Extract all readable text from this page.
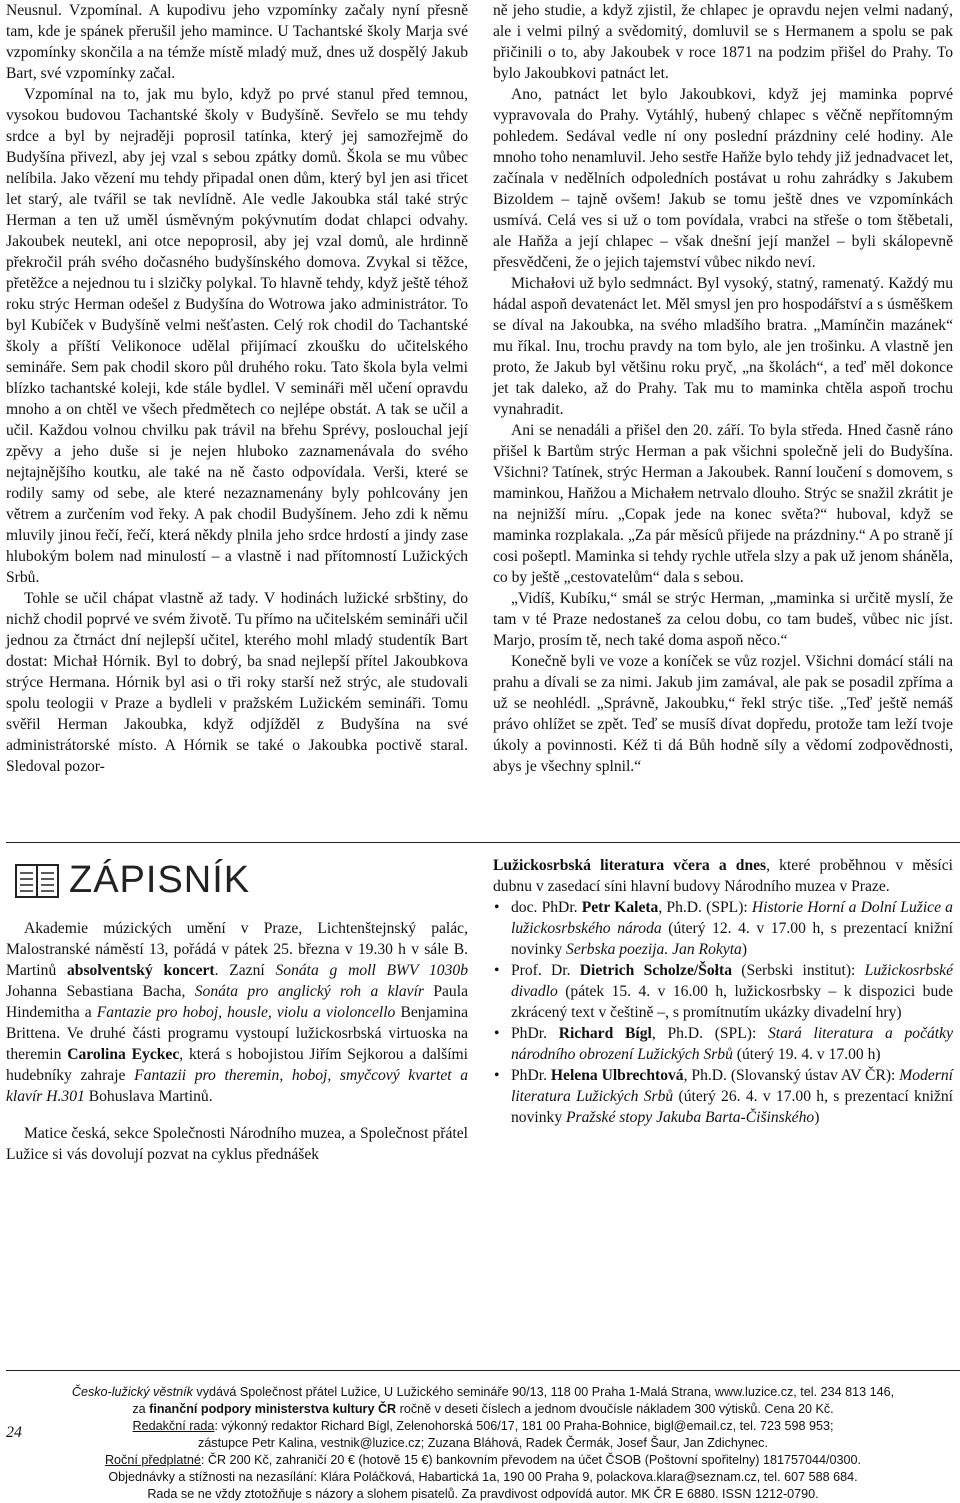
Neusnul. Vzpomínal. A kupodivu jeho vzpomínky začaly nyní přesně tam, kde je spánek přerušil jeho mamince. U Tachantské školy Marja své vzpomínky skončila a na témže místě mladý muž, dnes už dospělý Jakub Bart, své vzpomínky začal.

Vzpomínal na to, jak mu bylo, když po prvé stanul před temnou, vysokou budovou Tachantské školy v Budyšíně. Sevřelo se mu tehdy srdce a byl by nejraději poprosil tatínka, který jej samozřejmě do Budyšína přivezl, aby jej vzal s sebou zpátky domů. Škola se mu vůbec nelíbila. Jako vězení mu tehdy připadal onen dům, který byl jen asi třicet let starý, ale tvářil se tak nevlídně. Ale vedle Jakoubka stál také strýc Herman a ten už uměl úsměvným pokývnutím dodat chlapci odvahy. Jakoubek neutekl, ani otce nepoprosil, aby jej vzal domů, ale hrdinně překročil práh svého dočasného budyšínského domova. Zvykal si těžce, přetěžce a nejednou tu i slzičky polykal. To hlavně tehdy, když ještě téhož roku strýc Herman odešel z Budyšína do Wotrowa jako administrátor. To byl Kubíček v Budyšíně velmi nešťasten. Celý rok chodil do Tachantské školy a příští Velikonoce udělal přijímací zkoušku do učitelského semináře. Sem pak chodil skoro půl druhého roku. Tato škola byla velmi blízko tachantské koleji, kde stále bydlel. V semináři měl učení opravdu mnoho a on chtěl ve všech předmětech co nejlépe obstát. A tak se učil a učil. Každou volnou chvilku pak trávil na břehu Sprévy, poslouchal její zpěvy a jeho duše si je nejen hluboko zaznamenávala do svého nejtajnějšího koutku, ale také na ně často odpovídala. Verši, které se rodily samy od sebe, ale které nezaznamenány byly pohlcovány jen větrem a zurčením vod řeky. A pak chodil Budyšínem. Jeho zdi k němu mluvily jinou řečí, řečí, která někdy plnila jeho srdce hrdostí a jindy zase hlubokým bolem nad minulostí – a vlastně i nad přítomností Lužických Srbů.

Tohle se učil chápat vlastně až tady. V hodinách lužické srbštiny, do nichž chodil poprvé ve svém životě. Tu přímo na učitelském semináři učil jednou za čtrnáct dní nejlepší učitel, kterého mohl mladý studentík Bart dostat: Michał Hórnik. Byl to dobrý, ba snad nejlepší přítel Jakoubkova strýce Hermana. Hórnik byl asi o tři roky starší než strýc, ale studovali spolu teologii v Praze a bydleli v pražském Lužickém semináři. Tomu svěřil Herman Jakoubka, když odjížděl z Budyšína na své administrátorské místo. A Hórnik se také o Jakoubka poctivě staral. Sledoval pozor-

ně jeho studie, a když zjistil, že chlapec je opravdu nejen velmi nadaný, ale i velmi pilný a svědomitý, domluvil se s Hermanem a spolu se pak přičinili o to, aby Jakoubek v roce 1871 na podzim přišel do Prahy. To bylo Jakoubkovi patnáct let.

Ano, patnáct let bylo Jakoubkovi, když jej maminka poprvé vypravovala do Prahy. Vytáhlý, hubený chlapec s věčně nepřítomným pohledem. Sedával vedle ní ony poslední prázdniny celé hodiny. Ale mnoho toho nenamluvil. Jeho sestře Haňže bylo tehdy již jednadvacet let, začínala v nedělních odpoledních postávat u rohu zahrádky s Jakubem Bizoldem – tajně ovšem! Jakub se tomu ještě dnes ve vzpomínkách usmívá. Celá ves si už o tom povídala, vrabci na střeše o tom štěbetali, ale Haňža a její chlapec – však dnešní její manžel – byli skálopevně přesvědčeni, že o jejich tajemství vůbec nikdo neví.

Michałovi už bylo sedmnáct. Byl vysoký, statný, ramenatý. Každý mu hádal aspoň devatenáct let. Měl smysl jen pro hospodářství a s úsměškem se díval na Jakoubka, na svého mladšího bratra. „Mamínčin mazánek“ mu říkal. Inu, trochu pravdy na tom bylo, ale jen trošinku. A vlastně jen proto, že Jakub byl většinu roku pryč, „na školách“, a teď měl dokonce jet tak daleko, až do Prahy. Tak mu to maminka chtěla aspoň trochu vynahradit.

Ani se nenadáli a přišel den 20. září. To byla středa. Hned časně ráno přišel k Bartům strýc Herman a pak všichni společně jeli do Budyšína. Všichni? Tatínek, strýc Herman a Jakoubek. Ranní loučení s domovem, s maminkou, Haňžou a Michałem netrvalo dlouho. Strýc se snažil zkrátit je na nejnižší míru. „Copak jede na konec světa?“ huboval, když se maminka rozplakala. „Za pár měsíců přijede na prázdniny.“ A po straně jí cosi pošeptl. Maminka si tehdy rychle utřela slzy a pak už jenom sháněla, co by ještě „cestovatelům“ dala s sebou.

„Vidíš, Kubíku,“ smál se strýc Herman, „maminka si určitě myslí, že tam v té Praze nedostaneš za celou dobu, co tam budeš, vůbec nic jíst. Marjo, prosím tě, nech také doma aspoň něco.“

Konečně byli ve voze a koníček se vůz rozjel. Všichni domácí stáli na prahu a dívali se za nimi. Jakub jim zamával, ale pak se posadil zpříma a už se neohlédl. „Správně, Jakoubku,“ řekl strýc tiše. „Teď ještě nemáš právo ohlížet se zpět. Teď se musíš dívat dopředu, protože tam leží tvoje úkoly a povinnosti. Kéž ti dá Bůh hodně síly a vědomí zodpovědnosti, abys je všechny splnil.“

ZÁPISNÍK

Akademie múzických umění v Praze, Lichtenštejnský palác, Malostranské náměstí 13, pořádá v pátek 25. března v 19.30 h v sále B. Martinů absolventský koncert. Zazní Sonáta g moll BWV 1030b Johanna Sebastiana Bacha, Sonáta pro anglický roh a klavír Paula Hindemitha a Fantazie pro hoboj, housle, violu a violoncello Benjamina Brittena. Ve druhé části programu vystoupí lužickosrbská virtuoska na theremin Carolina Eyckec, která s hobojistou Jiřím Sejkorou a dalšími hudebníky zahraje Fantazii pro theremin, hoboj, smyčcový kvartet a klavír H.301 Bohuslava Martinů.

Matice česká, sekce Společnosti Národního muzea, a Společnost přátel Lužice si vás dovolují pozvat na cyklus přednášek

Lužickosrbská literatura včera a dnes, které proběhnou v měsíci dubnu v zasedací síni hlavní budovy Národního muzea v Praze.

• doc. PhDr. Petr Kaleta, Ph.D. (SPL): Historie Horní a Dolní Lužice a lužickosrbského národa (úterý 12. 4. v 17.00 h, s prezentací knižní novinky Serbska poezija. Jan Rokyta)
• Prof. Dr. Dietrich Scholze/Šołta (Serbski institut): Lužickosrbské divadlo (pátek 15. 4. v 16.00 h, lužickosrbsky – k dispozici bude zkrácený text v češtině –, s promítnutím ukázky divadelní hry)
• PhDr. Richard Bígl, Ph.D. (SPL): Stará literatura a počátky národního obrození Lužických Srbů (úterý 19. 4. v 17.00 h)
• PhDr. Helena Ulbrechtová, Ph.D. (Slovanský ústav AV ČR): Moderní literatura Lužických Srbů (úterý 26. 4. v 17.00 h, s prezentací knižní novinky Pražské stopy Jakuba Barta-Čišinského)

Česko-lužický věstník vydává Společnost přátel Lužice, U Lužického semináře 90/13, 118 00 Praha 1-Malá Strana, www.luzice.cz, tel. 234 813 146,

za finanční podpory ministerstva kultury ČR ročně v deseti číslech a jednom dvoučísle nákladem 300 výtisků. Cena 20 Kč.

Redakční rada: výkonný redaktor Richard Bígl, Zelenohorská 506/17, 181 00 Praha-Bohnice, bigl@email.cz, tel. 723 598 953;

zástupce Petr Kalina, vestnik@luzice.cz; Zuzana Bláhová, Radek Čermák, Josef Šaur, Jan Zdichynec.

Roční předplatné: ČR 200 Kč, zahraničí 20 € (hotově 15 €) bankovním převodem na účet ČSOB (Poštovní spořitelny) 181757044/0300.

Objednávky a stížnosti na nezasílání: Klára Poláčková, Habartická 1a, 190 00 Praha 9, polackova.klara@seznam.cz, tel. 607 588 684.

Rada se ne vždy ztotožňuje s názory a slohem pisatelů. Za pravdivost odpovídá autor. MK ČR E 6880. ISSN 1212-0790.

24
